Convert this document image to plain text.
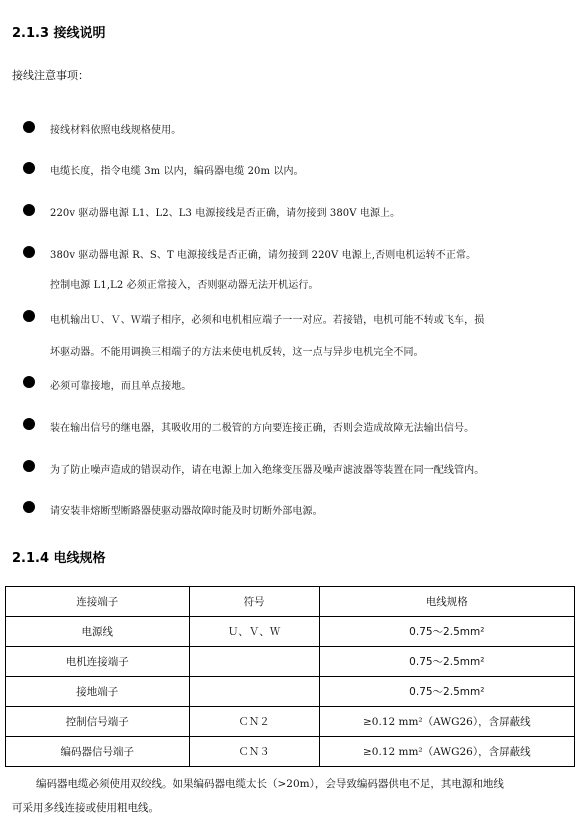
2.1.3 接线说明
接线注意事项：
接线材料依照电线规格使用。
电缆长度，指令电缆 3m 以内，编码器电缆 20m 以内。
220v 驱动器电源 L1、L2、L3 电源接线是否正确，请勿接到 380V 电源上。
380v 驱动器电源 R、S、T 电源接线是否正确，请勿接到 220V 电源上,否则电机运转不正常。
控制电源 L1,L2 必须正常接入，否则驱动器无法开机运行。
电机输出Ｕ、Ｖ、Ｗ端子相序，必须和电机相应端子一一对应。若接错，电机可能不转或飞车，损
坏驱动器。不能用调换三相端子的方法来使电机反转，这一点与异步电机完全不同。
必须可靠接地，而且单点接地。
装在输出信号的继电器，其吸收用的二极管的方向要连接正确，否则会造成故障无法输出信号。
为了防止噪声造成的错误动作，请在电源上加入绝缘变压器及噪声滤波器等装置在同一配线管内。
请安装非熔断型断路器使驱动器故障时能及时切断外部电源。
2.1.4 电线规格
连接端子	符号	电线规格
电源线	Ｕ、Ｖ、Ｗ	0.75～2.5mm²
电机连接端子		0.75～2.5mm²
接地端子		0.75～2.5mm²
控制信号端子	ＣＮ２	≥0.12 mm²（AWG26），含屏蔽线
编码器信号端子	ＣＮ３	≥0.12 mm²（AWG26），含屏蔽线
编码器电缆必须使用双绞线。如果编码器电缆太长（>20m），会导致编码器供电不足，其电源和地线
可采用多线连接或使用粗电线。
